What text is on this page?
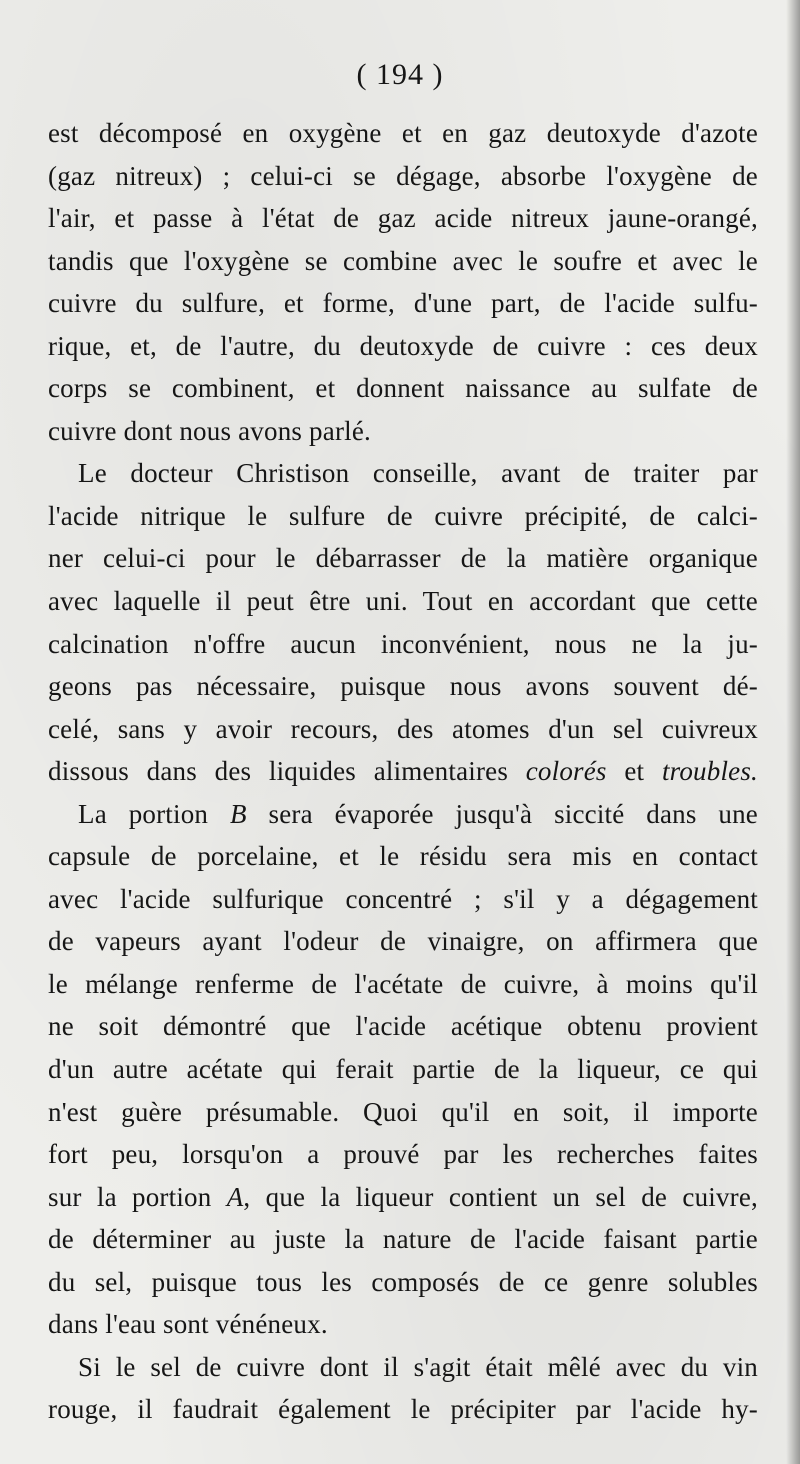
( 194 )
est décomposé en oxygène et en gaz deutoxyde d'azote
(gaz nitreux) ; celui-ci se dégage, absorbe l'oxygène de
l'air, et passe à l'état de gaz acide nitreux jaune-orangé,
tandis que l'oxygène se combine avec le soufre et avec le
cuivre du sulfure, et forme, d'une part, de l'acide sulfu-
rique, et, de l'autre, du deutoxyde de cuivre : ces deux
corps se combinent, et donnent naissance au sulfate de
cuivre dont nous avons parlé.
Le docteur Christison conseille, avant de traiter par
l'acide nitrique le sulfure de cuivre précipité, de calci-
ner celui-ci pour le débarrasser de la matière organique
avec laquelle il peut être uni. Tout en accordant que cette
calcination n'offre aucun inconvénient, nous ne la ju-
geons pas nécessaire, puisque nous avons souvent dé-
celé, sans y avoir recours, des atomes d'un sel cuivreux
dissous dans des liquides alimentaires colorés et troubles.
La portion B sera évaporée jusqu'à siccité dans une
capsule de porcelaine, et le résidu sera mis en contact
avec l'acide sulfurique concentré ; s'il y a dégagement
de vapeurs ayant l'odeur de vinaigre, on affirmera que
le mélange renferme de l'acétate de cuivre, à moins qu'il
ne soit démontré que l'acide acétique obtenu provient
d'un autre acétate qui ferait partie de la liqueur, ce qui
n'est guère présumable. Quoi qu'il en soit, il importe
fort peu, lorsqu'on a prouvé par les recherches faites
sur la portion A, que la liqueur contient un sel de cuivre,
de déterminer au juste la nature de l'acide faisant partie
du sel, puisque tous les composés de ce genre solubles
dans l'eau sont vénéneux.
Si le sel de cuivre dont il s'agit était mêlé avec du vin
rouge, il faudrait également le précipiter par l'acide hy-
